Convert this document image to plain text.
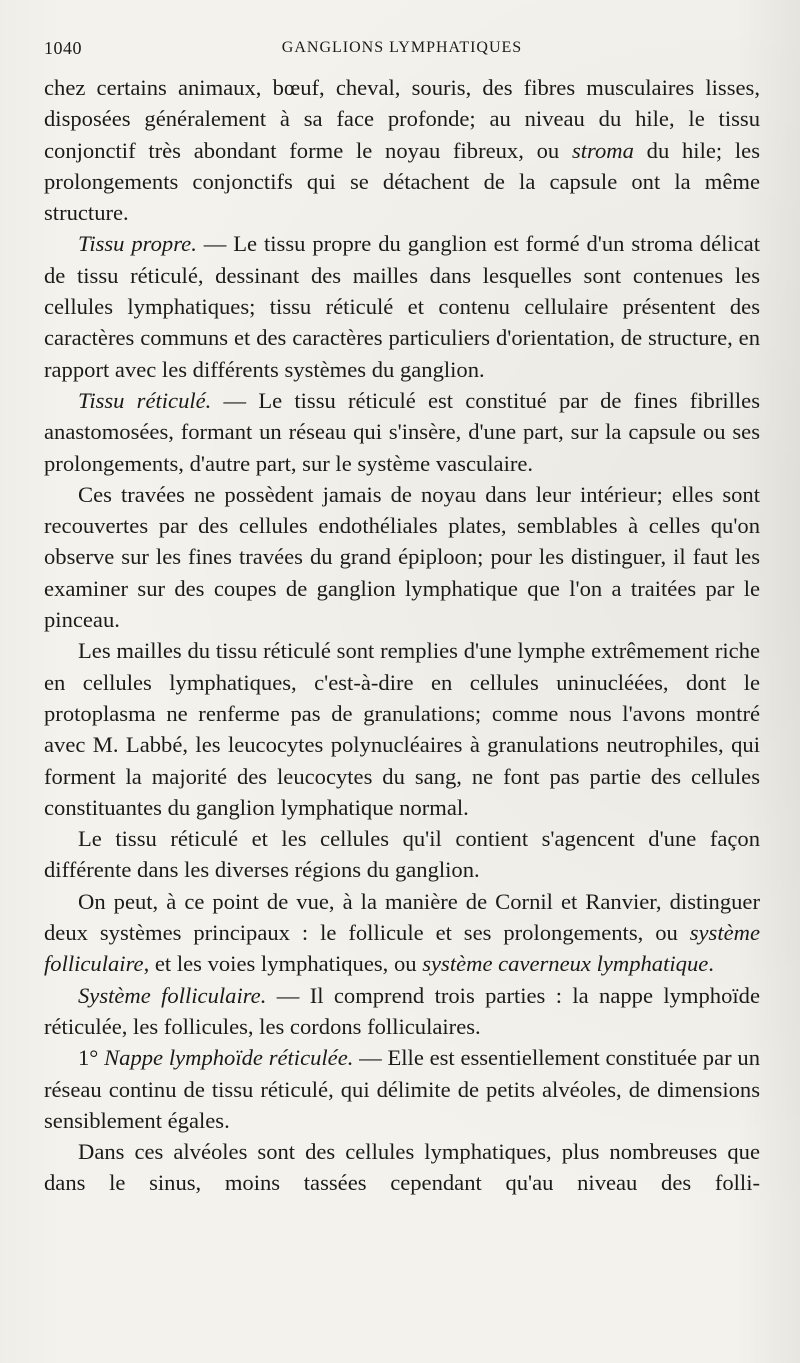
1040	GANGLIONS LYMPHATIQUES

chez certains animaux, bœuf, cheval, souris, des fibres musculaires lisses, disposées généralement à sa face profonde; au niveau du hile, le tissu conjonctif très abondant forme le noyau fibreux, ou stroma du hile; les prolongements conjonctifs qui se détachent de la capsule ont la même structure.

Tissu propre. — Le tissu propre du ganglion est formé d'un stroma délicat de tissu réticulé, dessinant des mailles dans lesquelles sont contenues les cellules lymphatiques; tissu réticulé et contenu cellulaire présentent des caractères communs et des caractères particuliers d'orientation, de structure, en rapport avec les différents systèmes du ganglion.

Tissu réticulé. — Le tissu réticulé est constitué par de fines fibrilles anastomosées, formant un réseau qui s'insère, d'une part, sur la capsule ou ses prolongements, d'autre part, sur le système vasculaire.

Ces travées ne possèdent jamais de noyau dans leur intérieur; elles sont recouvertes par des cellules endothéliales plates, semblables à celles qu'on observe sur les fines travées du grand épiploon; pour les distinguer, il faut les examiner sur des coupes de ganglion lymphatique que l'on a traitées par le pinceau.

Les mailles du tissu réticulé sont remplies d'une lymphe extrêmement riche en cellules lymphatiques, c'est-à-dire en cellules uninucléées, dont le protoplasma ne renferme pas de granulations; comme nous l'avons montré avec M. Labbé, les leucocytes polynucléaires à granulations neutrophiles, qui forment la majorité des leucocytes du sang, ne font pas partie des cellules constituantes du ganglion lymphatique normal.

Le tissu réticulé et les cellules qu'il contient s'agencent d'une façon différente dans les diverses régions du ganglion.

On peut, à ce point de vue, à la manière de Cornil et Ranvier, distinguer deux systèmes principaux : le follicule et ses prolongements, ou système folliculaire, et les voies lymphatiques, ou système caverneux lymphatique.

Système folliculaire. — Il comprend trois parties : la nappe lymphoïde réticulée, les follicules, les cordons folliculaires.

1° Nappe lymphoïde réticulée. — Elle est essentiellement constituée par un réseau continu de tissu réticulé, qui délimite de petits alvéoles, de dimensions sensiblement égales.

Dans ces alvéoles sont des cellules lymphatiques, plus nombreuses que dans le sinus, moins tassées cependant qu'au niveau des folli-
